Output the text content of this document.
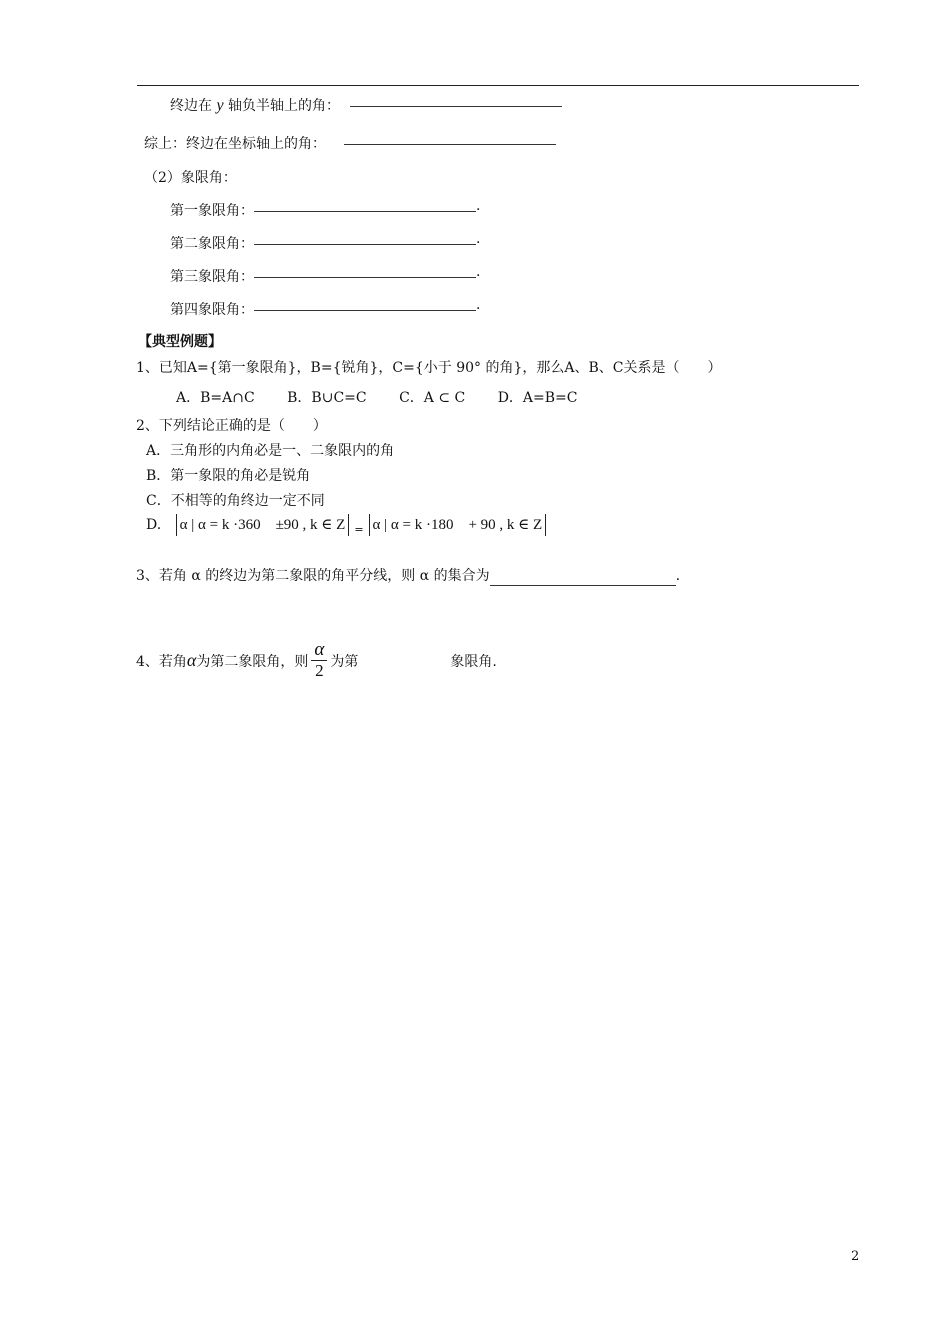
终边在 y 轴负半轴上的角：
综上：终边在坐标轴上的角：
（2）象限角：
第一象限角：	.
第二象限角：	.
第三象限角：	.
第四象限角：	.
【典型例题】
1、已知A={第一象限角}，B={锐角}，C={小于 90° 的角}，那么A、B、C关系是（　　）
A．B=A∩C B．B∪C=C C．A ⊂ C D．A=B=C
2、下列结论正确的是（　　）
A．三角形的内角必是一、二象限内的角
B．第一象限的角必是锐角
C．不相等的角终边一定不同
D. α | α = k ·360　±90 , k ∈ Z $_=$ α | α = k ·180　+ 90 , k ∈ Z
3、若角 α 的终边为第二象限的角平分线，则 α 的集合为	.
4、若角α为第二象限角，则 $\frac{\alpha}{2}$ 为第	象限角.
2
